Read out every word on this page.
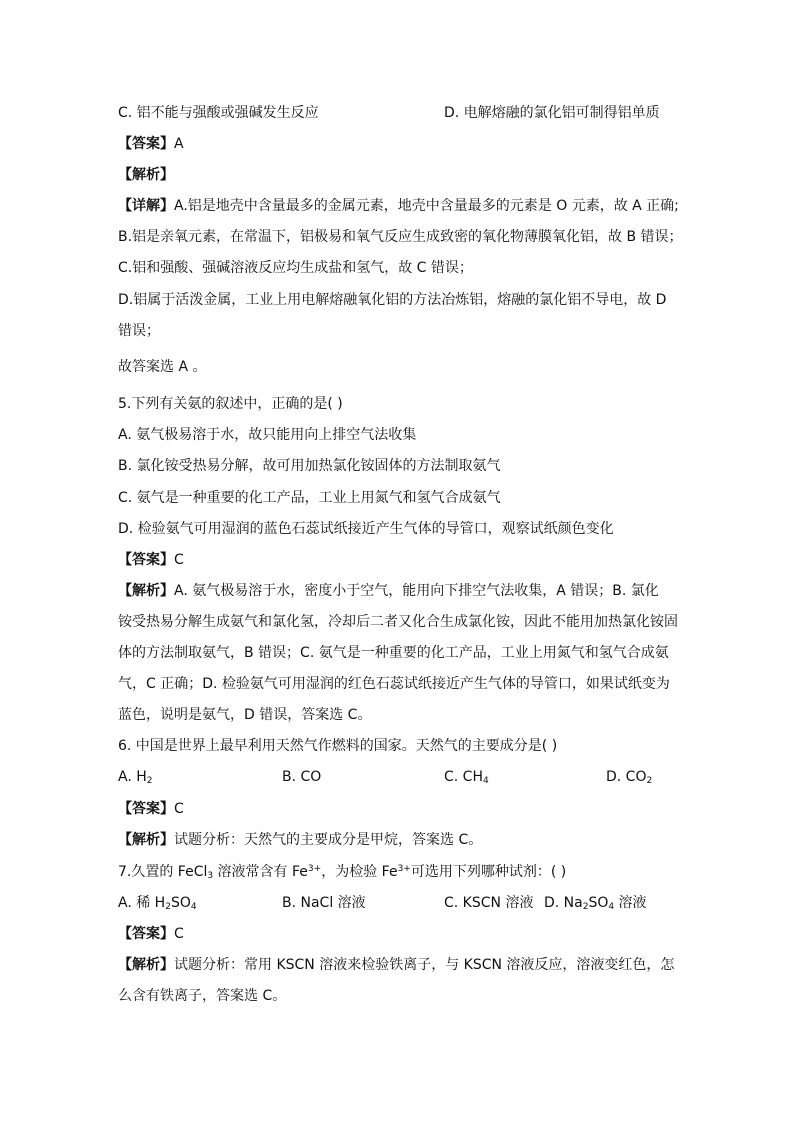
C. 铝不能与强酸或强碱发生反应	D. 电解熔融的氯化铝可制得铝单质
【答案】A
【解析】
【详解】A.铝是地壳中含量最多的金属元素，地壳中含量最多的元素是 O 元素，故 A 正确;
B.铝是亲氧元素，在常温下，铝极易和氧气反应生成致密的氧化物薄膜氧化铝，故 B 错误；
C.铝和强酸、强碱溶液反应均生成盐和氢气，故 C 错误；
D.铝属于活泼金属，工业上用电解熔融氧化铝的方法冶炼铝，熔融的氯化铝不导电，故 D
错误；
故答案选 A 。
5.下列有关氨的叙述中，正确的是( )
A. 氨气极易溶于水，故只能用向上排空气法收集
B. 氯化铵受热易分解，故可用加热氯化铵固体的方法制取氨气
C. 氨气是一种重要的化工产品，工业上用氮气和氢气合成氨气
D. 检验氨气可用湿润的蓝色石蕊试纸接近产生气体的导管口，观察试纸颜色变化
【答案】C
【解析】A. 氨气极易溶于水，密度小于空气，能用向下排空气法收集，A 错误；B. 氯化
铵受热易分解生成氨气和氯化氢，冷却后二者又化合生成氯化铵，因此不能用加热氯化铵固
体的方法制取氨气，B 错误；C. 氨气是一种重要的化工产品，工业上用氮气和氢气合成氨
气，C 正确；D. 检验氨气可用湿润的红色石蕊试纸接近产生气体的导管口，如果试纸变为
蓝色，说明是氨气，D 错误，答案选 C。
6. 中国是世界上最早利用天然气作燃料的国家。天然气的主要成分是( )
A. $H_2$	B. CO	C. $CH_4$	D. $CO_2$
【答案】C
【解析】试题分析：天然气的主要成分是甲烷，答案选 C。
7.久置的 FeCl$_3$ 溶液常含有 $Fe^{3+}$，为检验 $Fe^{3+}$可选用下列哪种试剂：( )
A. 稀 $H_2SO_4$	B. NaCl 溶液	C. KSCN 溶液 D. $Na_2SO_4$ 溶液
【答案】C
【解析】试题分析：常用 KSCN 溶液来检验铁离子，与 KSCN 溶液反应，溶液变红色，怎
么含有铁离子，答案选 C。
